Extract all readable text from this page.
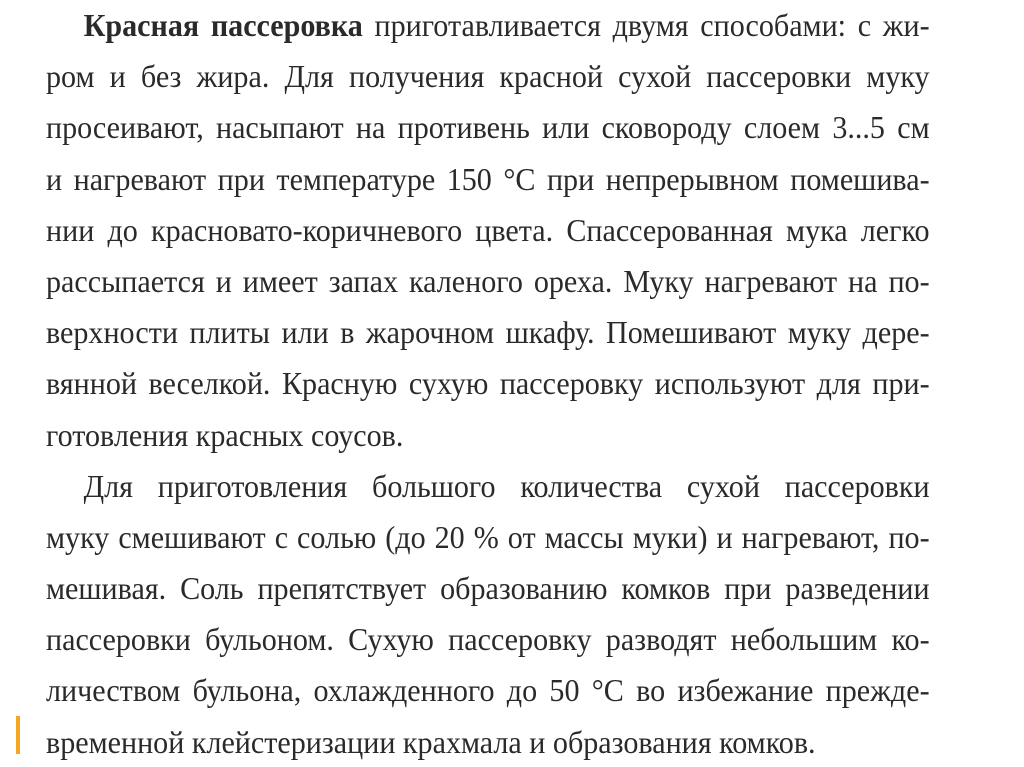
Красная пассеровка приготавливается двумя способами: с жи-
ром и без жира. Для получения красной сухой пассеровки муку
просеивают, насыпают на противень или сковороду слоем 3...5 см
и нагревают при температуре 150 °С при непрерывном помешива-
нии до красновато-коричневого цвета. Спассерованная мука легко
рассыпается и имеет запах каленого ореха. Муку нагревают на по-
верхности плиты или в жарочном шкафу. Помешивают муку дере-
вянной веселкой. Красную сухую пассеровку используют для при-
готовления красных соусов.
Для приготовления большого количества сухой пассеровки
муку смешивают с солью (до 20 % от массы муки) и нагревают, по-
мешивая. Соль препятствует образованию комков при разведении
пассеровки бульоном. Сухую пассеровку разводят небольшим ко-
личеством бульона, охлажденного до 50 °С во избежание прежде-
временной клейстеризации крахмала и образования комков.
